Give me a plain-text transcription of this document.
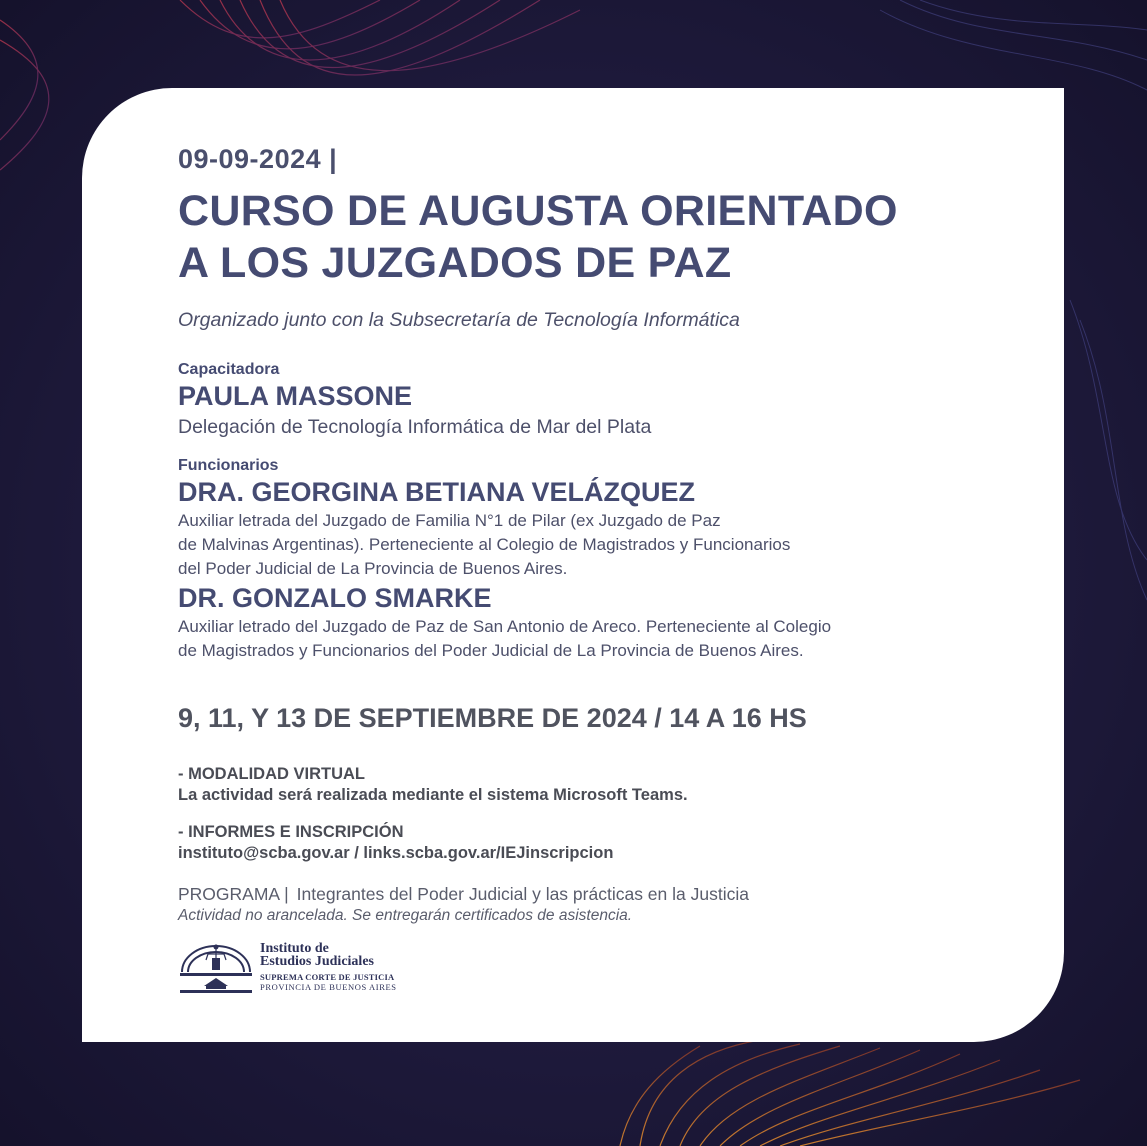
09-09-2024 |
CURSO DE AUGUSTA ORIENTADO
A LOS JUZGADOS DE PAZ
Organizado junto con la Subsecretaría de Tecnología Informática
Capacitadora
PAULA MASSONE
Delegación de Tecnología Informática de Mar del Plata
Funcionarios
DRA. GEORGINA BETIANA VELÁZQUEZ
Auxiliar letrada del Juzgado de Familia N°1 de Pilar (ex Juzgado de Paz
de Malvinas Argentinas). Perteneciente al Colegio de Magistrados y Funcionarios
del Poder Judicial de La Provincia de Buenos Aires.
DR. GONZALO SMARKE
Auxiliar letrado del Juzgado de Paz de San Antonio de Areco. Perteneciente al Colegio
de Magistrados y Funcionarios del Poder Judicial de La Provincia de Buenos Aires.
9, 11, Y 13 DE SEPTIEMBRE DE 2024 / 14 A 16 HS
- MODALIDAD VIRTUAL
La actividad será realizada mediante el sistema Microsoft Teams.
- INFORMES E INSCRIPCIÓN
instituto@scba.gov.ar / links.scba.gov.ar/IEJinscripcion
PROGRAMA | Integrantes del Poder Judicial y las prácticas en la Justicia
Actividad no arancelada. Se entregarán certificados de asistencia.
Instituto de
Estudios Judiciales
SUPREMA CORTE DE JUSTICIA
PROVINCIA DE BUENOS AIRES
